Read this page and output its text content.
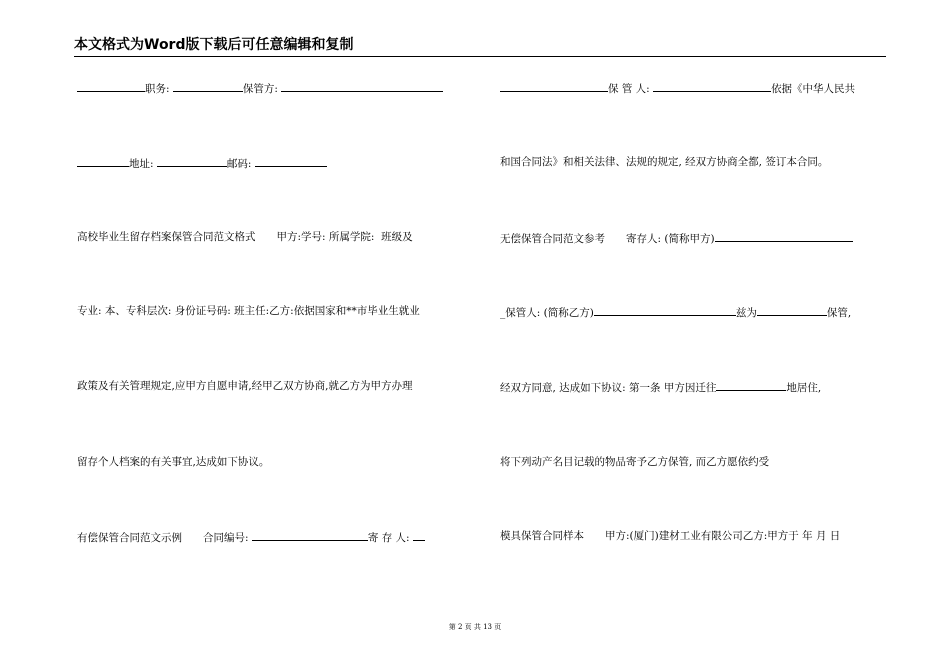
本文格式为Word版下载后可任意编辑和复制
职务:	保管方:
地址:	邮码:
高校毕业生留存档案保管合同范文格式　　甲方:学号: 所属学院:  班级及
专业: 本、专科层次: 身份证号码: 班主任:乙方:依据国家和**市毕业生就业
政策及有关管理规定,应甲方自愿申请,经甲乙双方协商,就乙方为甲方办理
留存个人档案的有关事宜,达成如下协议。
有偿保管合同范文示例　　合同编号:	寄 存 人:
保 管 人:	依据《中华人民共
和国合同法》和相关法律、法规的规定, 经双方协商全都, 签订本合同。
无偿保管合同范文参考　　寄存人: (简称甲方)
_保管人: (简称乙方)	兹为	保管,
经双方同意, 达成如下协议: 第一条 甲方因迁往	地居住,
将下列动产名目记载的物品寄予乙方保管, 而乙方愿依约受
模具保管合同样本　　甲方:(厦门)建材工业有限公司乙方:甲方于 年 月 日
第 2 页 共 13 页
